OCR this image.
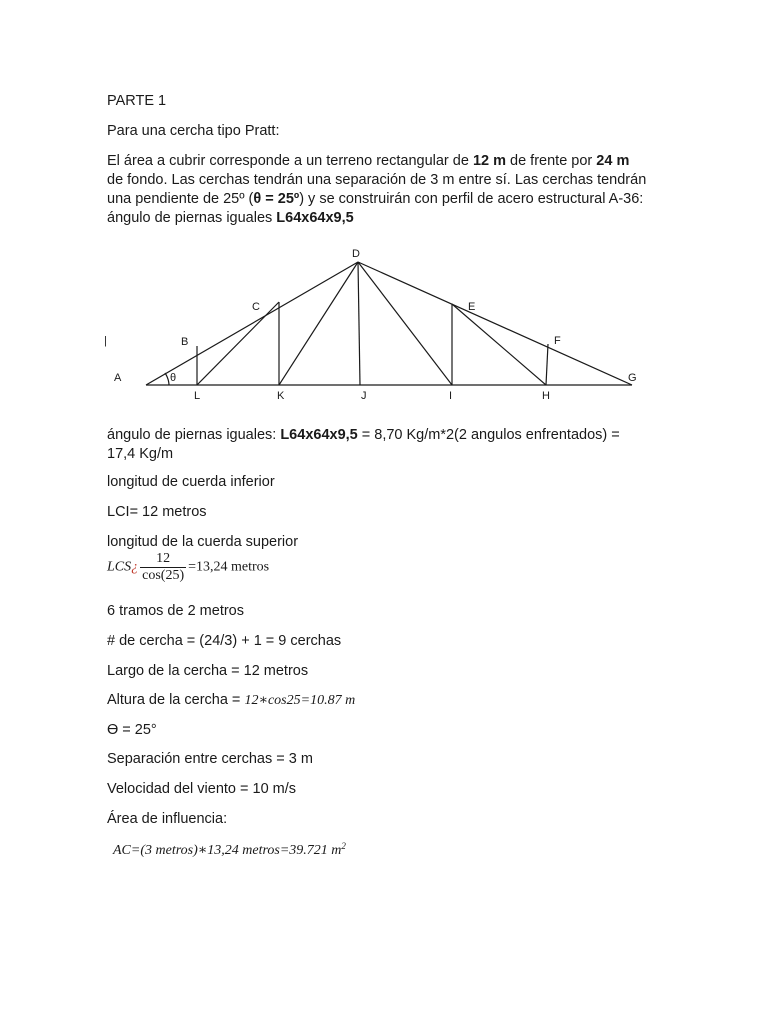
PARTE 1

Para una cercha tipo Pratt:

El área a cubrir corresponde a un terreno rectangular de 12 m de frente por 24 m de fondo. Las cerchas tendrán una separación de 3 m entre sí. Las cerchas tendrán una pendiente de 25º (θ = 25º) y se construirán con perfil de acero estructural A-36: ángulo de piernas iguales L64x64x9,5

ángulo de piernas iguales: L64x64x9,5 = 8,70 Kg/m*2(2 angulos enfrentados) = 17,4 Kg/m

longitud de cuerda inferior

LCI= 12 metros

longitud de la cuerda superior

LCS¿ $\frac{12}{\cos(25)} =13,24$ metros

6 tramos de 2 metros

# de cercha = (24/3) + 1 = 9 cerchas

Largo de la cercha = 12 metros

Altura de la cercha = 12∗cos25=10.87 m

ϴ = 25°

Separación entre cerchas = 3 m

Velocidad del viento = 10 m/s

Área de influencia:

AC=(3 metros)∗13,24 metros=39.721 $m^2$
|
A	θ
B
C
D
E
F
G
L	K	J	I	H
